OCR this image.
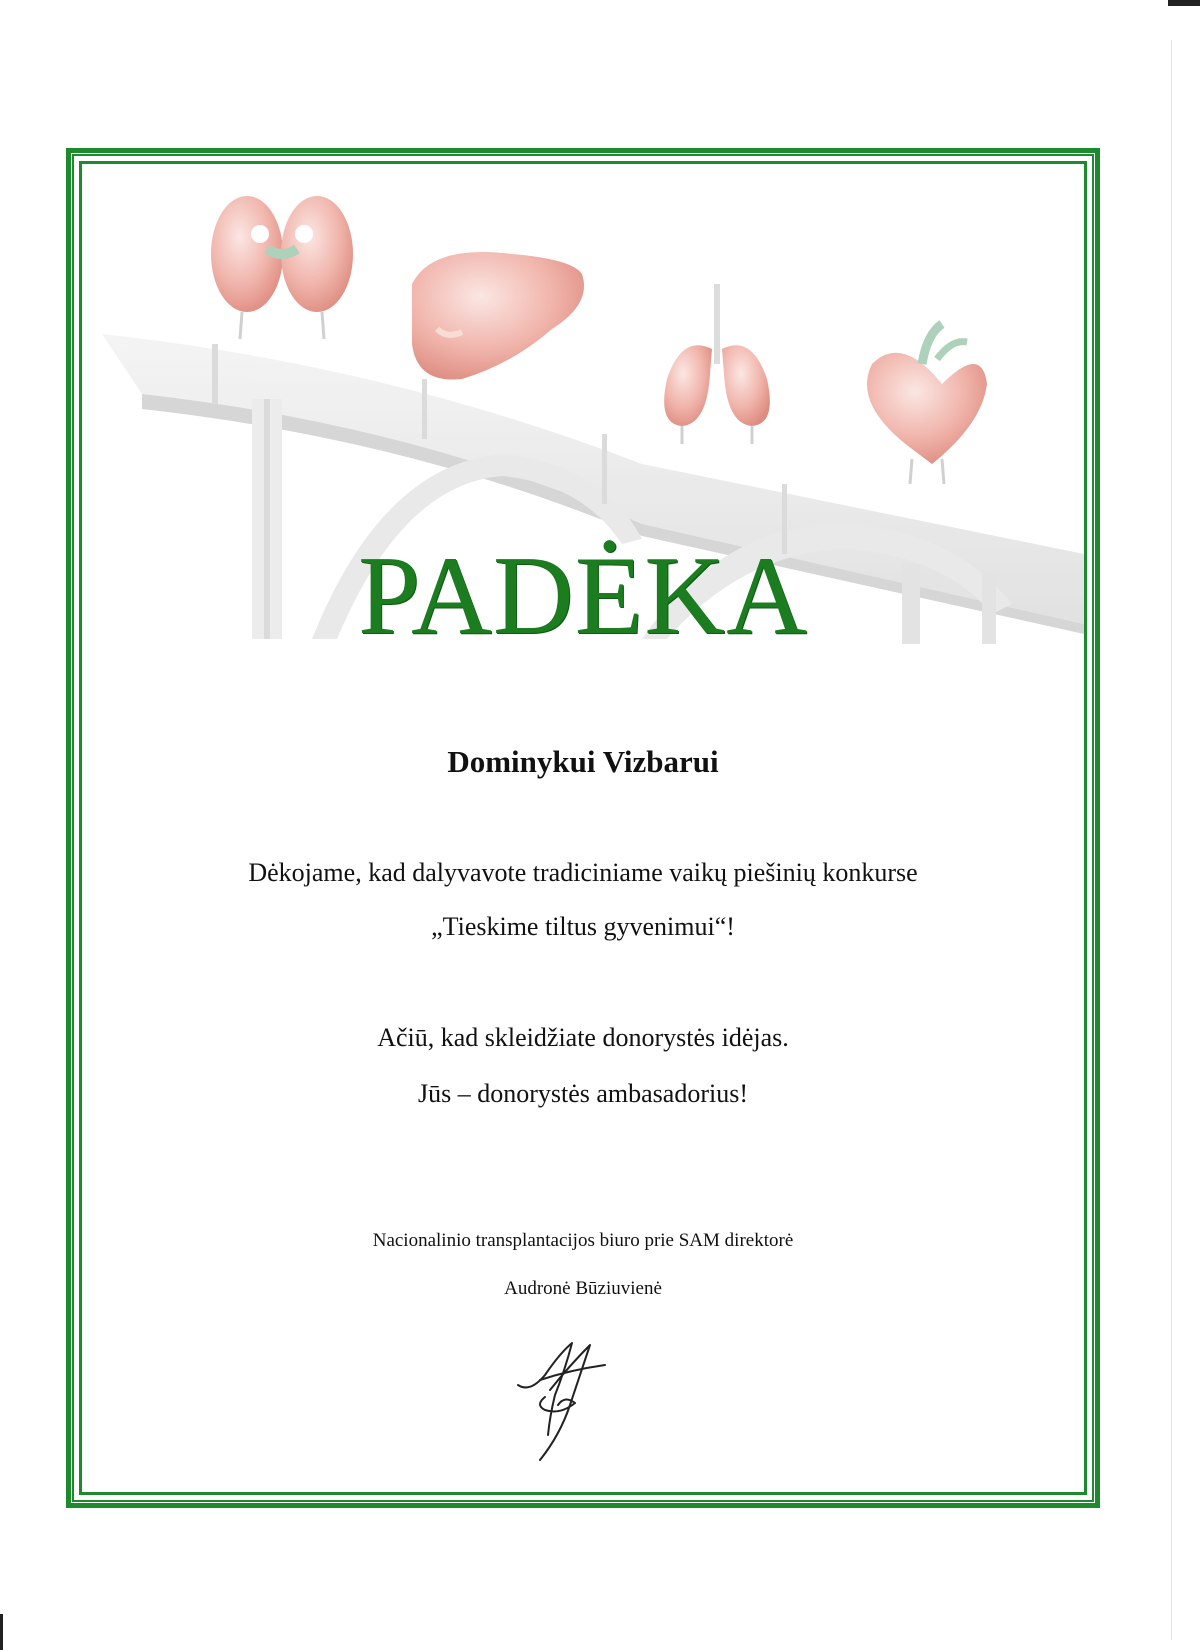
PADĖKA
Dominykui Vizbarui
Dėkojame, kad dalyvavote tradiciniame vaikų piešinių konkurse
„Tieskime tiltus gyvenimui“!
Ačiū, kad skleidžiate donorystės idėjas.
Jūs – donorystės ambasadorius!
Nacionalinio transplantacijos biuro prie SAM direktorė
Audronė Būziuvienė
